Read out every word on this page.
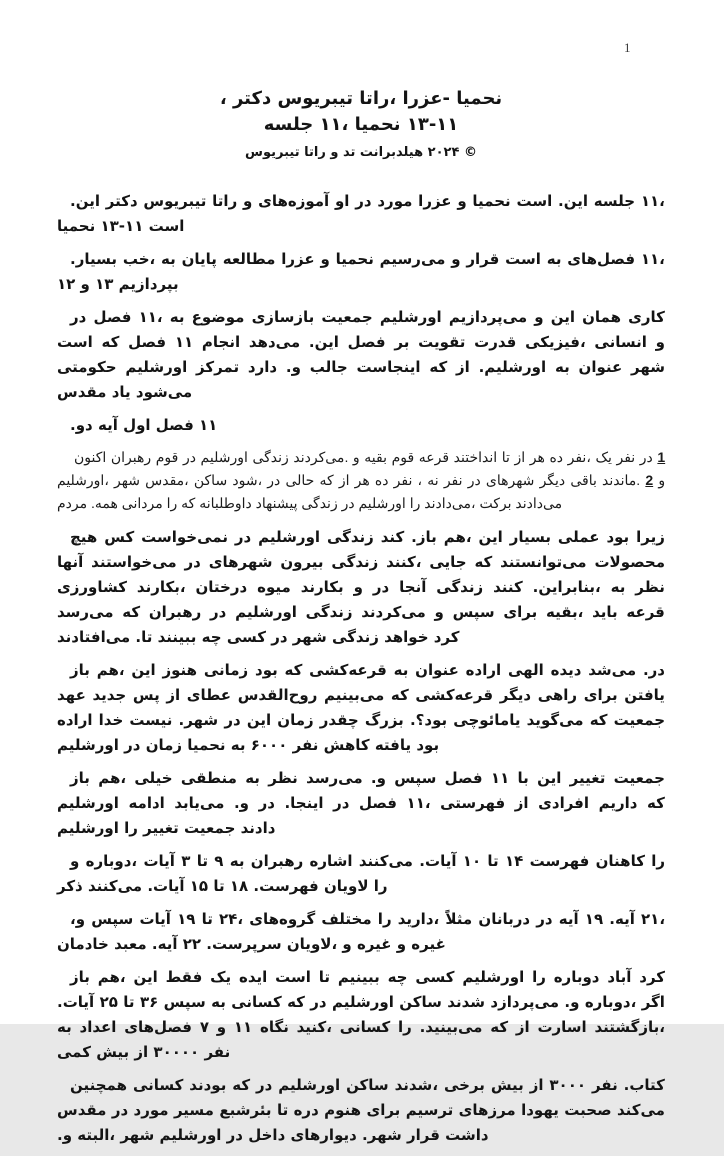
1
، دکتر تیبریوس راتا، عزرا- نحمیا
جلسه ۱۱، نحمیا ۱۳-۱۱
تیبریوس راتا و تد هیلدبرانت ۲۰۲۴ ©

.این دکتر تیبریوس راتا و آموزه‌های او در مورد عزرا و نحمیا است .این جلسه ۱۱، نحمیا ۱۳-۱۱ است

.بسیار خب، به پایان مطالعه عزرا و نحمیا می‌رسیم و قرار است به فصل‌های ۱۱، ۱۲ و ۱۳ بپردازیم

در فصل ۱۱، به موضوع بازسازی جمعیت اورشلیم می‌پردازیم و این همان کاری است که فصل ۱۱ انجام می‌دهد .این فصل بر تقویت قدرت فیزیکی، انسانی و حکومتی اورشلیم تمرکز دارد .و جالب اینجاست که از .اورشلیم به عنوان شهر مقدس یاد می‌شود

.دو آیه اول فصل ۱۱

اکنون رهبران قوم در اورشلیم زندگی می‌کردند. و بقیه قوم قرعه انداختند تا از هر ده نفر، یک نفر در 1 اورشلیم، شهر مقدس، ساکن شود، در حالی که از هر ده نفر ، نه نفر در شهرهای دیگر باقی ماندند. 2 و مردم .همه مردانی را که داوطلبانه پیشنهاد زندگی در اورشلیم را می‌دادند، برکت می‌دادند

هیچ کس نمی‌خواست در اورشلیم زندگی کند .باز هم، این بسیار عملی بود زیرا آنها می‌خواستند در شهرهای بیرون زندگی کنند، جایی که می‌توانستند محصولات کشاورزی بکارند، درختان میوه بکارند و در آنجا زندگی کنند .بنابراین، به نظر می‌رسد که رهبران در اورشلیم زندگی می‌کردند و سپس برای بقیه، باید قرعه می‌افتادند .تا ببینند چه کسی در شهر زندگی خواهد کرد

باز هم، این هنوز زمانی بود که قرعه‌کشی به عنوان اراده الهی دیده می‌شد .در عهد جدید پس از عطای روح‌القدس می‌بینیم که قرعه‌کشی دیگر راهی برای یافتن اراده خدا نیست .شهر در این زمان چقدر بزرگ .بود؟ یامائوچی می‌گوید که جمعیت اورشلیم در زمان نحمیا به ۶۰۰۰ نفر کاهش یافته بود

باز هم، خیلی منطقی به نظر می‌رسد .و سپس فصل ۱۱ با این تغییر جمعیت اورشلیم ادامه می‌یابد .و در .اینجا در فصل ۱۱، فهرستی از افرادی داریم که اورشلیم را تغییر جمعیت دادند

و دوباره، آیات ۳ تا ۹ به رهبران اشاره می‌کنند .آیات ۱۰ تا ۱۴ فهرست کاهنان را ذکر می‌کنند .آیات ۱۵ تا ۱۸ .فهرست لاویان را

،و سپس آیات ۱۹ تا ۲۴، گروه‌های مختلف را دارید، مثلاً دربانان در آیه ۱۹ .آیه ۲۱، خادمان معبد .آیه ۲۲ .سرپرست لاویان، و غیره و غیره

باز هم، این فقط یک ایده است تا ببینیم چه کسی اورشلیم را دوباره آباد کرد .آیات ۲۵ تا ۳۶ سپس به کسانی که در اورشلیم ساکن شدند می‌پردازد .و دوباره، اگر به اعداد فصل‌های ۷ و ۱۱ نگاه کنید، کسانی را .می‌بینید که از اسارت بازگشتند، کمی بیش از ۳۰۰۰۰ نفر

همچنین کسانی بودند که در اورشلیم ساکن شدند، برخی بیش از ۳۰۰۰ نفر .کتاب مقدس در مورد مسیر بئرشبع تا دره هنوم برای ترسیم مرزهای یهودا صحبت می‌کند .و البته، شهر اورشلیم در داخل دیوارهای .شهر قرار داشت
